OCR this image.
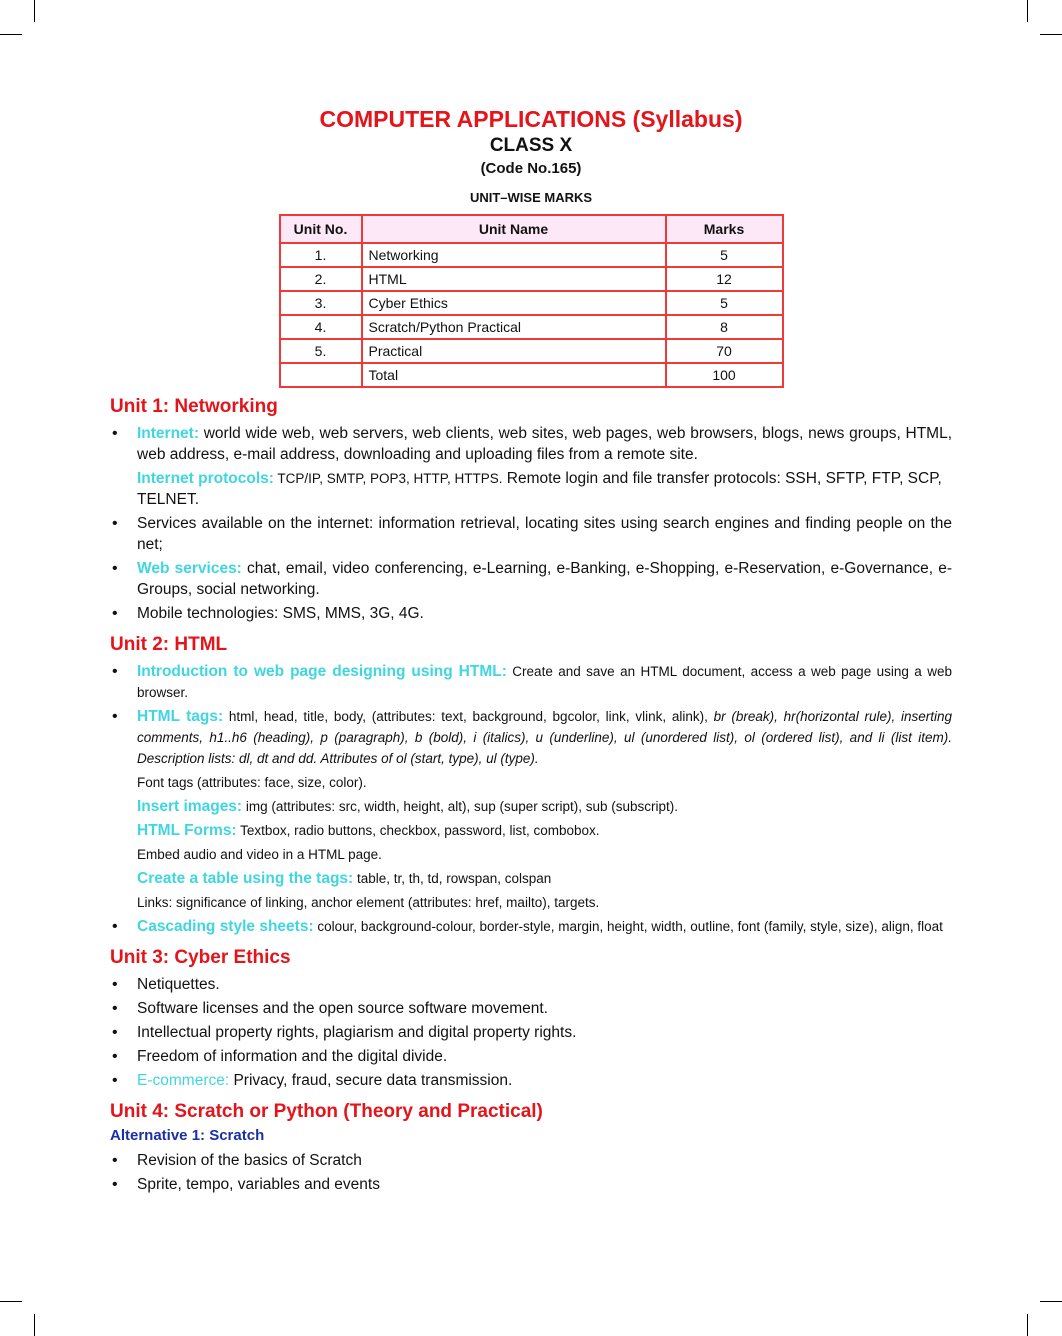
COMPUTER APPLICATIONS (Syllabus)
CLASS X
(Code No.165)
UNIT–WISE MARKS
Unit No.	Unit Name	Marks
1.	Networking	5
2.	HTML	12
3.	Cyber Ethics	5
4.	Scratch/Python Practical	8
5.	Practical	70
	Total	100
Unit 1: Networking
• Internet: world wide web, web servers, web clients, web sites, web pages, web browsers, blogs, news groups, HTML, web address, e-mail address, downloading and uploading files from a remote site.
Internet protocols: TCP/IP, SMTP, POP3, HTTP, HTTPS. Remote login and file transfer protocols: SSH, SFTP, FTP, SCP, TELNET.
• Services available on the internet: information retrieval, locating sites using search engines and finding people on the net;
• Web services: chat, email, video conferencing, e-Learning, e-Banking, e-Shopping, e-Reservation, e-Governance, e-Groups, social networking.
• Mobile technologies: SMS, MMS, 3G, 4G.
Unit 2: HTML
• Introduction to web page designing using HTML: Create and save an HTML document, access a web page using a web browser.
• HTML tags: html, head, title, body, (attributes: text, background, bgcolor, link, vlink, alink), br (break), hr(horizontal rule), inserting comments, h1..h6 (heading), p (paragraph), b (bold), i (italics), u (underline), ul (unordered list), ol (ordered list), and li (list item). Description lists: dl, dt and dd. Attributes of ol (start, type), ul (type).
Font tags (attributes: face, size, color).
Insert images: img (attributes: src, width, height, alt), sup (super script), sub (subscript).
HTML Forms: Textbox, radio buttons, checkbox, password, list, combobox.
Embed audio and video in a HTML page.
Create a table using the tags: table, tr, th, td, rowspan, colspan
Links: significance of linking, anchor element (attributes: href, mailto), targets.
• Cascading style sheets: colour, background-colour, border-style, margin, height, width, outline, font (family, style, size), align, float
Unit 3: Cyber Ethics
• Netiquettes.
• Software licenses and the open source software movement.
• Intellectual property rights, plagiarism and digital property rights.
• Freedom of information and the digital divide.
• E-commerce: Privacy, fraud, secure data transmission.
Unit 4: Scratch or Python (Theory and Practical)
Alternative 1: Scratch
• Revision of the basics of Scratch
• Sprite, tempo, variables and events
